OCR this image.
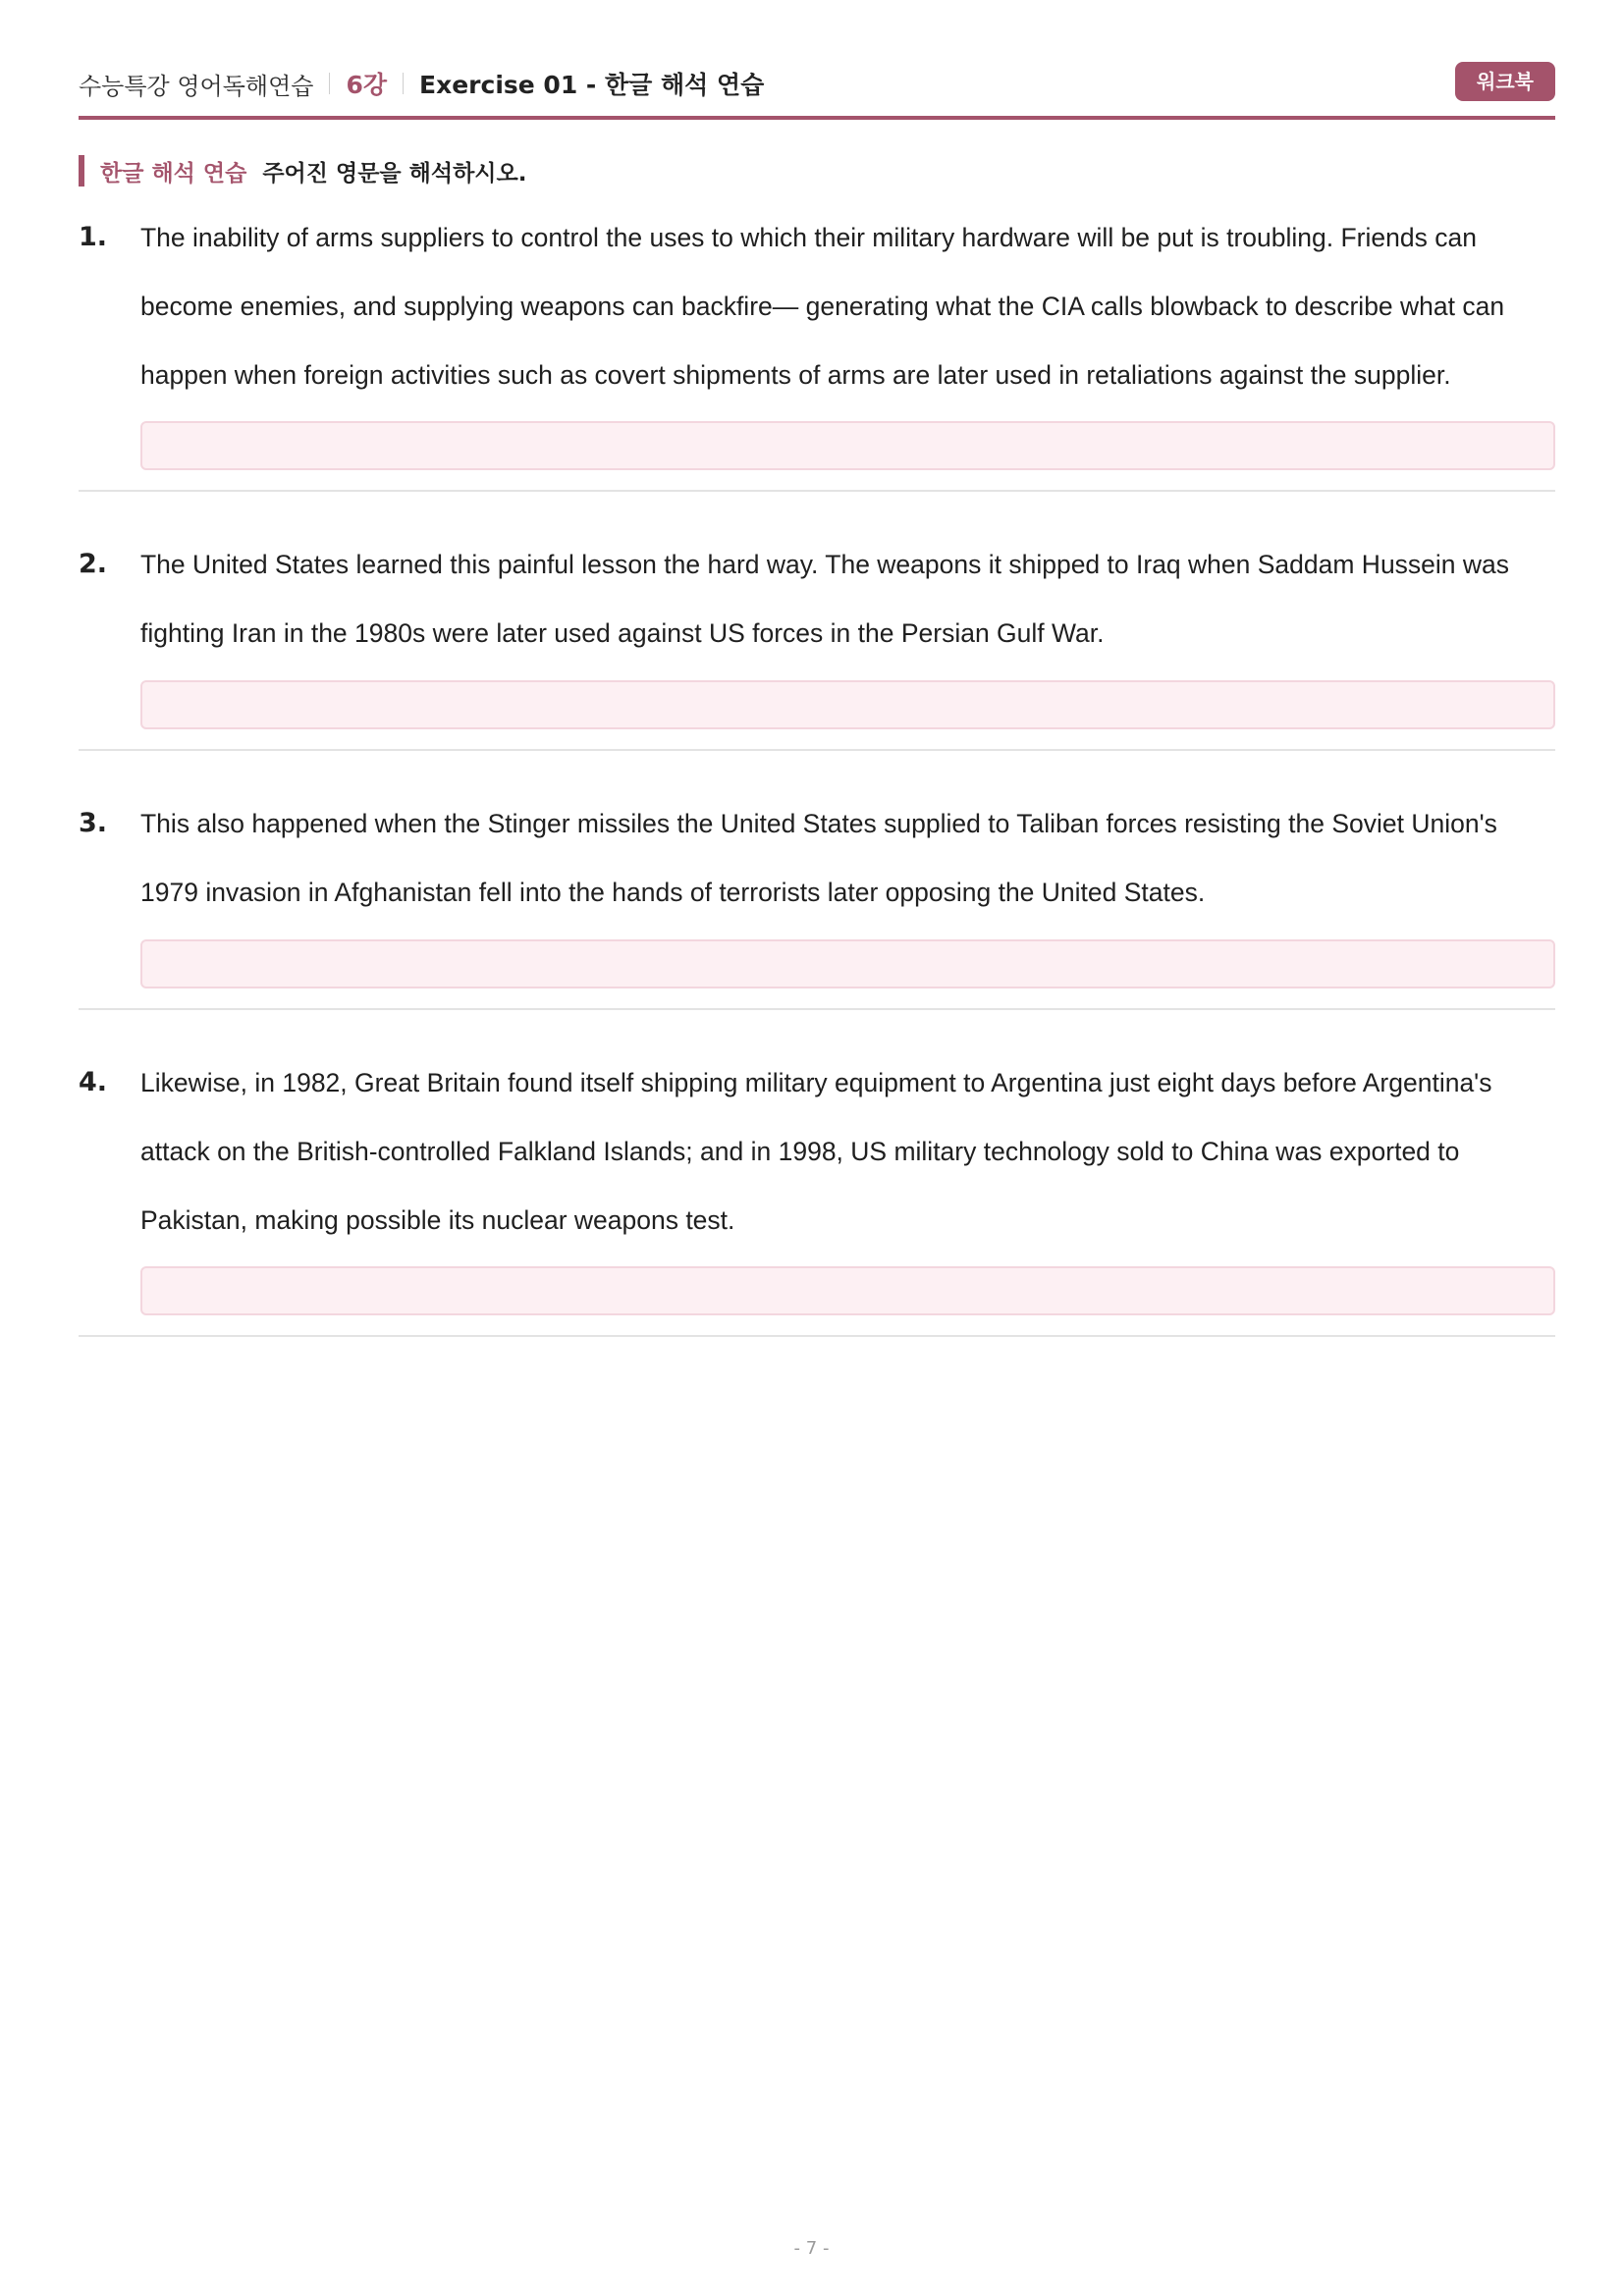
수능특강 영어독해연습 6강 Exercise 01 - 한글 해석 연습	워크북
한글 해석 연습 주어진 영문을 해석하시오.
1. The inability of arms suppliers to control the uses to which their military hardware will be put is troubling. Friends can become enemies, and supplying weapons can backfire— generating what the CIA calls blowback to describe what can happen when foreign activities such as covert shipments of arms are later used in retaliations against the supplier.

2. The United States learned this painful lesson the hard way. The weapons it shipped to Iraq when Saddam Hussein was fighting Iran in the 1980s were later used against US forces in the Persian Gulf War.

3. This also happened when the Stinger missiles the United States supplied to Taliban forces resisting the Soviet Union's 1979 invasion in Afghanistan fell into the hands of terrorists later opposing the United States.

4. Likewise, in 1982, Great Britain found itself shipping military equipment to Argentina just eight days before Argentina's attack on the British-controlled Falkland Islands; and in 1998, US military technology sold to China was exported to Pakistan, making possible its nuclear weapons test.

- 7 -
